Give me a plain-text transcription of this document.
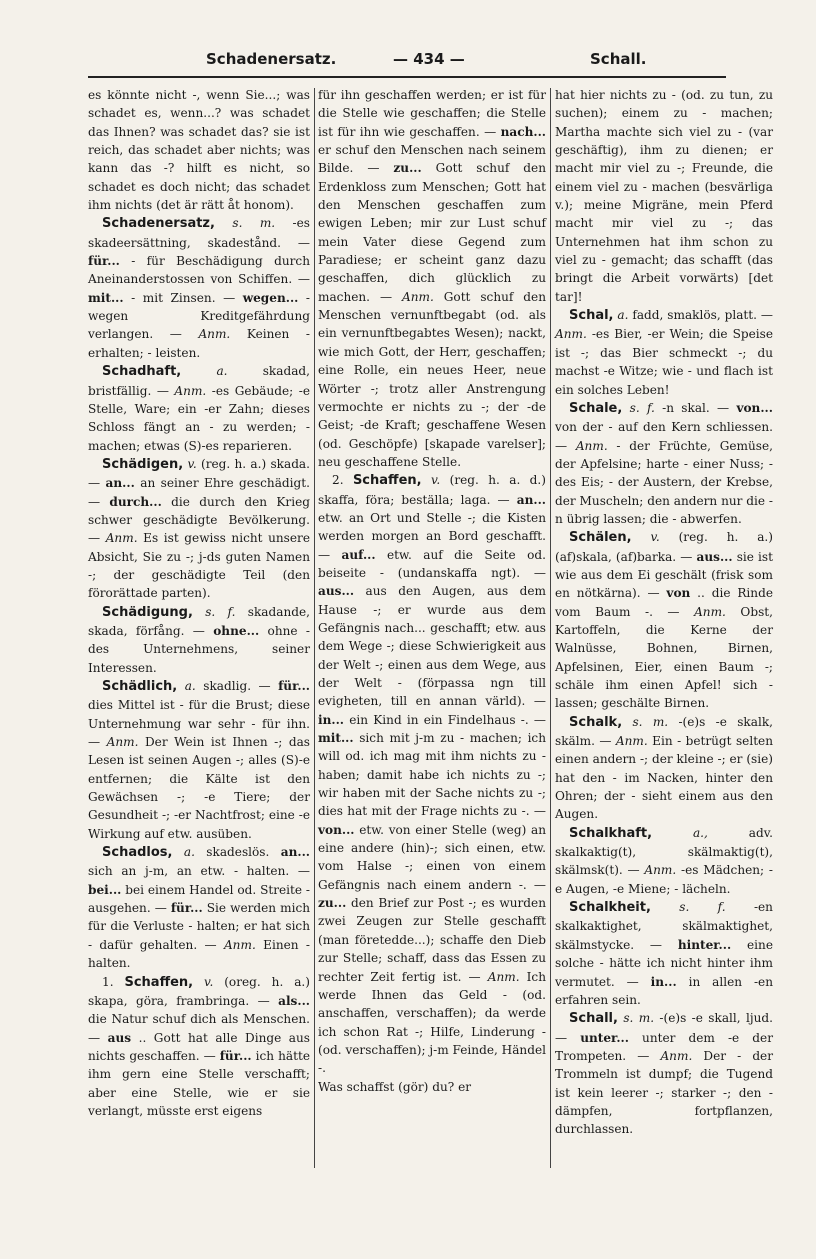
Schadenersatz.	— 434 —	Schall.

es könnte nicht -, wenn Sie...; was schadet es, wenn...? was schadet das Ihnen? was schadet das? sie ist reich, das schadet aber nichts; was kann das -? hilft es nicht, so schadet es doch nicht; das schadet ihm nichts (det är rätt åt honom).

Schadenersatz, s. m. -es skadeersättning, skadestånd. — für... - für Beschädigung durch Aneinanderstossen von Schiffen. — mit... - mit Zinsen. — wegen... - wegen Kreditgefährdung verlangen. — Anm. Keinen - erhalten; - leisten.

Schadhaft,	a. skadad, bristfällig. — Anm. -es Gebäude; -e Stelle, Ware; ein -er Zahn; dieses Schloss fängt an - zu werden; - machen; etwas (S)-es reparieren.

Schädigen, v. (reg. h. a.) skada. — an... an seiner Ehre geschädigt. — durch... die durch den Krieg schwer geschädigte Bevölkerung. — Anm. Es ist gewiss nicht unsere Absicht, Sie zu -; j-ds guten Namen -; der geschädigte Teil (den förorättade parten).

Schädigung, s. f. skadande, skada, förfång. — ohne... ohne - des Unternehmens, seiner Interessen.

Schädlich, a. skadlig. — für... dies Mittel ist - für die Brust; diese Unternehmung war sehr - für ihn. — Anm. Der Wein ist Ihnen -; das Lesen ist seinen Augen -; alles (S)-e entfernen; die Kälte ist den Gewächsen -; -e Tiere; der Gesundheit -; -er Nachtfrost; eine -e Wirkung auf etw. ausüben.

Schadlos, a. skadeslös. an... sich an j-m, an etw. - halten. — bei... bei einem Handel od. Streite - ausgehen. — für... Sie werden mich für die Verluste - halten; er hat sich - dafür gehalten. — Anm. Einen - halten.

1. Schaffen, v. (oreg. h. a.) skapa, göra, frambringa. — als... die Natur schuf dich als Menschen. — aus .. Gott hat alle Dinge aus nichts geschaffen. — für... ich hätte ihm gern eine Stelle verschafft; aber eine Stelle, wie er sie verlangt, müsste erst eigens

für ihn geschaffen werden; er ist für die Stelle wie geschaffen; die Stelle ist für ihn wie geschaffen. — nach... er schuf den Menschen nach seinem Bilde. — zu... Gott schuf den Erdenkloss zum Menschen; Gott hat den Menschen geschaffen zum ewigen Leben; mir zur Lust schuf mein Vater diese Gegend zum Paradiese; er scheint ganz dazu geschaffen, dich glücklich zu machen. — Anm. Gott schuf den Menschen vernunftbegabt (od. als ein vernunftbegabtes Wesen); nackt, wie mich Gott, der Herr, geschaffen; eine Rolle, ein neues Heer, neue Wörter -; trotz aller Anstrengung vermochte er nichts zu -; der -de Geist; -de Kraft; geschaffene Wesen (od. Geschöpfe) [skapade varelser]; neu geschaffene Stelle.

2. Schaffen, v. (reg. h. a. d.) skaffa, föra; beställa; laga. — an... etw. an Ort und Stelle -; die Kisten werden morgen an Bord geschafft. — auf... etw. auf die Seite od. beiseite - (undanskaffa ngt). — aus... aus den Augen, aus dem Hause -; er wurde aus dem Gefängnis nach... geschafft; etw. aus dem Wege -; diese Schwierigkeit aus der Welt -; einen aus dem Wege, aus der Welt - (förpassa ngn till evigheten, till en annan värld). — in... ein Kind in ein Findelhaus -. — mit... sich mit j-m zu - machen; ich will od. ich mag mit ihm nichts zu - haben; damit habe ich nichts zu -; wir haben mit der Sache nichts zu -; dies hat mit der Frage nichts zu -. — von... etw. von einer Stelle (weg) an eine andere (hin)-; sich einen, etw. vom Halse -; einen von einem Gefängnis nach einem andern -. — zu... den Brief zur Post -; es wurden zwei Zeugen zur Stelle geschafft (man företedde...); schaffe den Dieb zur Stelle; schaff, dass das Essen zu rechter Zeit fertig ist. — Anm. Ich werde Ihnen das Geld - (od. anschaffen, verschaffen); da werde ich schon Rat -; Hilfe, Linderung - (od. verschaffen); j-m Feinde, Händel -.

Was schaffst (gör) du? er

hat hier nichts zu - (od. zu tun, zu suchen); einem zu - machen; Martha machte sich viel zu - (var geschäftig), ihm zu dienen; er macht mir viel zu -; Freunde, die einem viel zu - machen (besvärliga v.); meine Migräne, mein Pferd macht mir viel zu -; das Unternehmen hat ihm schon zu viel zu - gemacht; das schafft (das bringt die Arbeit vorwärts) [det tar]!

Schal, a. fadd, smaklös, platt. — Anm. -es Bier, -er Wein; die Speise ist -; das Bier schmeckt -; du machst -e Witze; wie - und flach ist ein solches Leben!

Schale, s. f. -n skal. — von... von der - auf den Kern schliessen. — Anm. - der Früchte, Gemüse, der Apfelsine; harte - einer Nuss; - des Eis; - der Austern, der Krebse, der Muscheln; den andern nur die -n übrig lassen; die - abwerfen.

Schälen, v. (reg. h. a.) (af)skala, (af)barka. — aus... sie ist wie aus dem Ei geschält (frisk som en nötkärna). — von .. die Rinde vom Baum -. — Anm. Obst, Kartoffeln, die Kerne der Walnüsse, Bohnen, Birnen, Apfelsinen, Eier, einen Baum -; schäle ihm einen Apfel! sich - lassen; geschälte Birnen.

Schalk, s. m. -(e)s -e skalk, skälm. — Anm. Ein - betrügt selten einen andern -; der kleine -; er (sie) hat den - im Nacken, hinter den Ohren; der - sieht einem aus den Augen.

Schalkhaft,	a., adv. skalkaktig(t), skälmaktig(t), skälmsk(t). — Anm. -es Mädchen; -e Augen, -e Miene; - lächeln.

Schalkheit, s. f. -en skalkaktighet, skälmaktighet, skälmstycke. — hinter... eine solche - hätte ich nicht hinter ihm vermutet. — in... in allen -en erfahren sein.

Schall, s. m. -(e)s -e skall, ljud. — unter... unter dem -e der Trompeten. — Anm. Der - der Trommeln ist dumpf; die Tugend ist kein leerer -; starker -; den - dämpfen, fortpflanzen, durchlassen.
